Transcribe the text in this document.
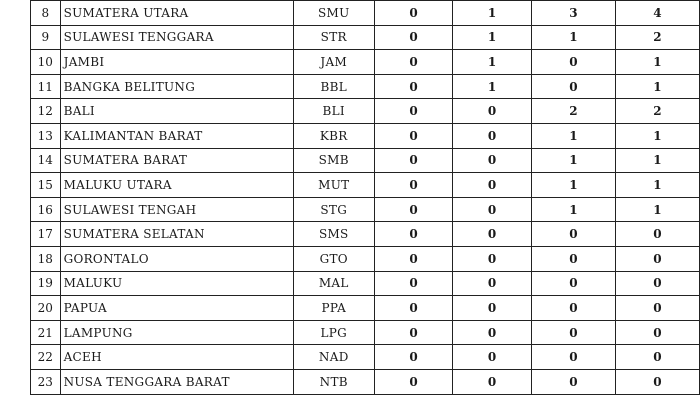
8	SUMATERA UTARA	SMU	0	1	3	4
9	SULAWESI TENGGARA	STR	0	1	1	2
10	JAMBI	JAM	0	1	0	1
11	BANGKA BELITUNG	BBL	0	1	0	1
12	BALI	BLI	0	0	2	2
13	KALIMANTAN BARAT	KBR	0	0	1	1
14	SUMATERA BARAT	SMB	0	0	1	1
15	MALUKU UTARA	MUT	0	0	1	1
16	SULAWESI TENGAH	STG	0	0	1	1
17	SUMATERA SELATAN	SMS	0	0	0	0
18	GORONTALO	GTO	0	0	0	0
19	MALUKU	MAL	0	0	0	0
20	PAPUA	PPA	0	0	0	0
21	LAMPUNG	LPG	0	0	0	0
22	ACEH	NAD	0	0	0	0
23	NUSA TENGGARA BARAT	NTB	0	0	0	0
